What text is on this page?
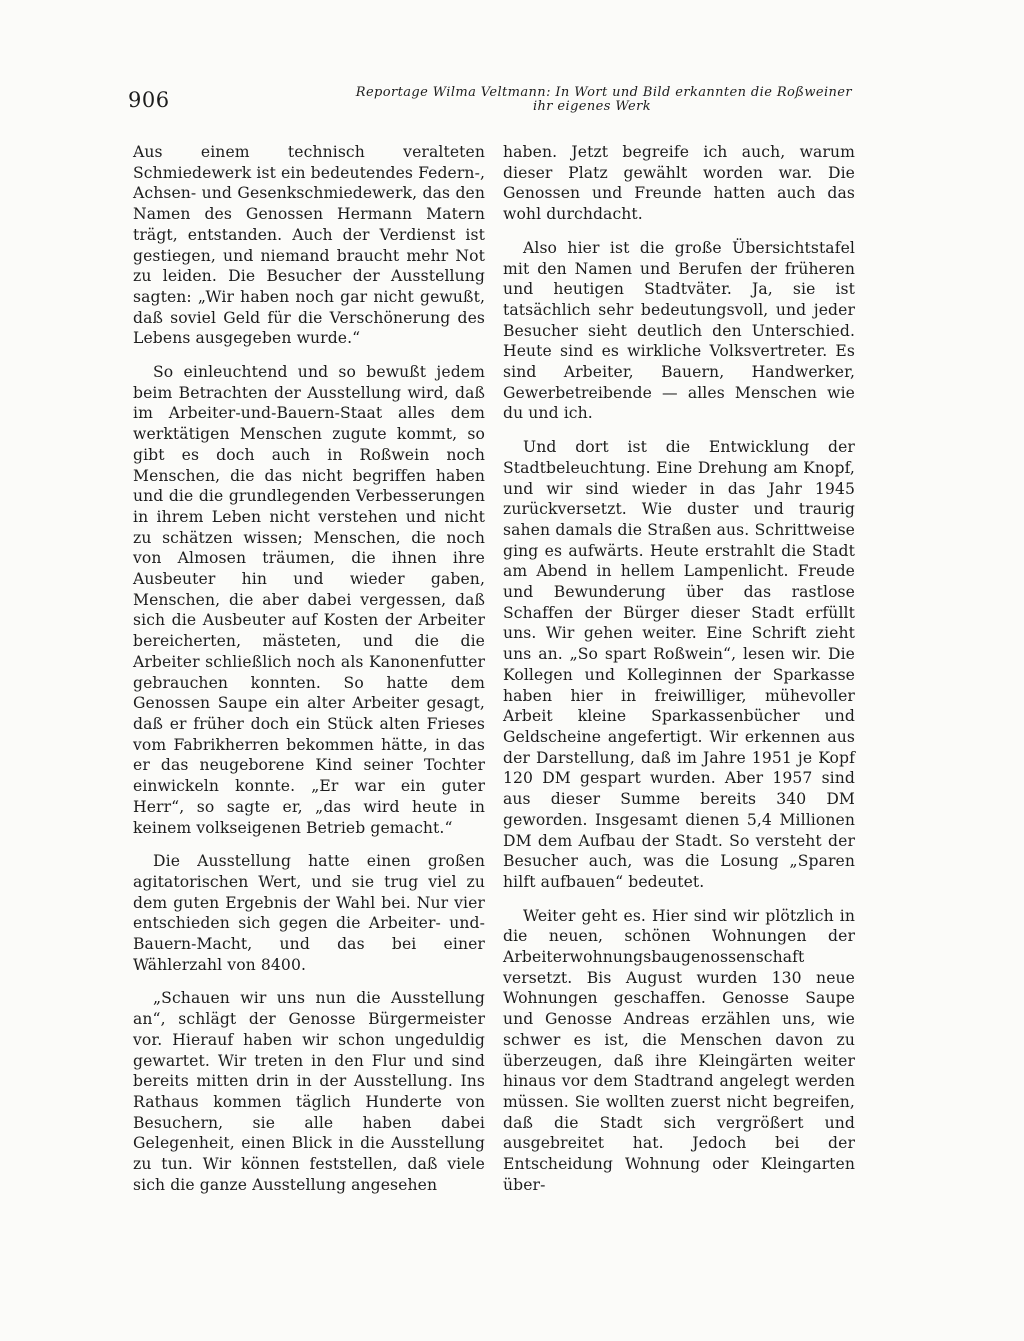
906	Reportage Wilma Veltmann: In Wort und Bild erkannten die Roßweiner
ihr eigenes Werk

Aus einem technisch veralteten Schmiedewerk ist ein bedeutendes Federn-, Achsen- und Gesenkschmiedewerk, das den Namen des Genossen Hermann Matern trägt, entstanden. Auch der Verdienst ist gestiegen, und niemand braucht mehr Not zu leiden. Die Besucher der Ausstellung sagten: „Wir haben noch gar nicht gewußt, daß soviel Geld für die Verschönerung des Lebens ausgegeben wurde.“

So einleuchtend und so bewußt jedem beim Betrachten der Ausstellung wird, daß im Arbeiter-und-Bauern-Staat alles dem werktätigen Menschen zugute kommt, so gibt es doch auch in Roßwein noch Menschen, die das nicht begriffen haben und die die grundlegenden Verbesserungen in ihrem Leben nicht verstehen und nicht zu schätzen wissen; Menschen, die noch von Almosen träumen, die ihnen ihre Ausbeuter hin und wieder gaben, Menschen, die aber dabei vergessen, daß sich die Ausbeuter auf Kosten der Arbeiter bereicherten, mästeten, und die die Arbeiter schließlich noch als Kanonenfutter gebrauchen konnten. So hatte dem Genossen Saupe ein alter Arbeiter gesagt, daß er früher doch ein Stück alten Frieses vom Fabrikherren bekommen hätte, in das er das neugeborene Kind seiner Tochter einwickeln konnte. „Er war ein guter Herr“, so sagte er, „das wird heute in keinem volkseigenen Betrieb gemacht.“

Die Ausstellung hatte einen großen agitatorischen Wert, und sie trug viel zu dem guten Ergebnis der Wahl bei. Nur vier entschieden sich gegen die Arbeiter- und-Bauern-Macht, und das bei einer Wählerzahl von 8400.

„Schauen wir uns nun die Ausstellung an“, schlägt der Genosse Bürgermeister vor. Hierauf haben wir schon ungeduldig gewartet. Wir treten in den Flur und sind bereits mitten drin in der Ausstellung. Ins Rathaus kommen täglich Hunderte von Besuchern, sie alle haben dabei Gelegenheit, einen Blick in die Ausstellung zu tun. Wir können feststellen, daß viele sich die ganze Ausstellung angesehen

haben. Jetzt begreife ich auch, warum dieser Platz gewählt worden war. Die Genossen und Freunde hatten auch das wohl durchdacht.

Also hier ist die große Übersichtstafel mit den Namen und Berufen der früheren und heutigen Stadtväter. Ja, sie ist tatsächlich sehr bedeutungsvoll, und jeder Besucher sieht deutlich den Unterschied. Heute sind es wirkliche Volksvertreter. Es sind Arbeiter, Bauern, Handwerker, Gewerbetreibende — alles Menschen wie du und ich.

Und dort ist die Entwicklung der Stadtbeleuchtung. Eine Drehung am Knopf, und wir sind wieder in das Jahr 1945 zurückversetzt. Wie duster und traurig sahen damals die Straßen aus. Schrittweise ging es aufwärts. Heute erstrahlt die Stadt am Abend in hellem Lampenlicht. Freude und Bewunderung über das rastlose Schaffen der Bürger dieser Stadt erfüllt uns. Wir gehen weiter. Eine Schrift zieht uns an. „So spart Roßwein“, lesen wir. Die Kollegen und Kolleginnen der Sparkasse haben hier in freiwilliger, mühevoller Arbeit kleine Sparkassenbücher und Geldscheine angefertigt. Wir erkennen aus der Darstellung, daß im Jahre 1951 je Kopf 120 DM gespart wurden. Aber 1957 sind aus dieser Summe bereits 340 DM geworden. Insgesamt dienen 5,4 Millionen DM dem Aufbau der Stadt. So versteht der Besucher auch, was die Losung „Sparen hilft aufbauen“ bedeutet.

Weiter geht es. Hier sind wir plötzlich in die neuen, schönen Wohnungen der Arbeiterwohnungsbaugenossenschaft versetzt. Bis August wurden 130 neue Wohnungen geschaffen. Genosse Saupe und Genosse Andreas erzählen uns, wie schwer es ist, die Menschen davon zu überzeugen, daß ihre Kleingärten weiter hinaus vor dem Stadtrand angelegt werden müssen. Sie wollten zuerst nicht begreifen, daß die Stadt sich vergrößert und ausgebreitet hat. Jedoch bei der Entscheidung Wohnung oder Kleingarten über-
